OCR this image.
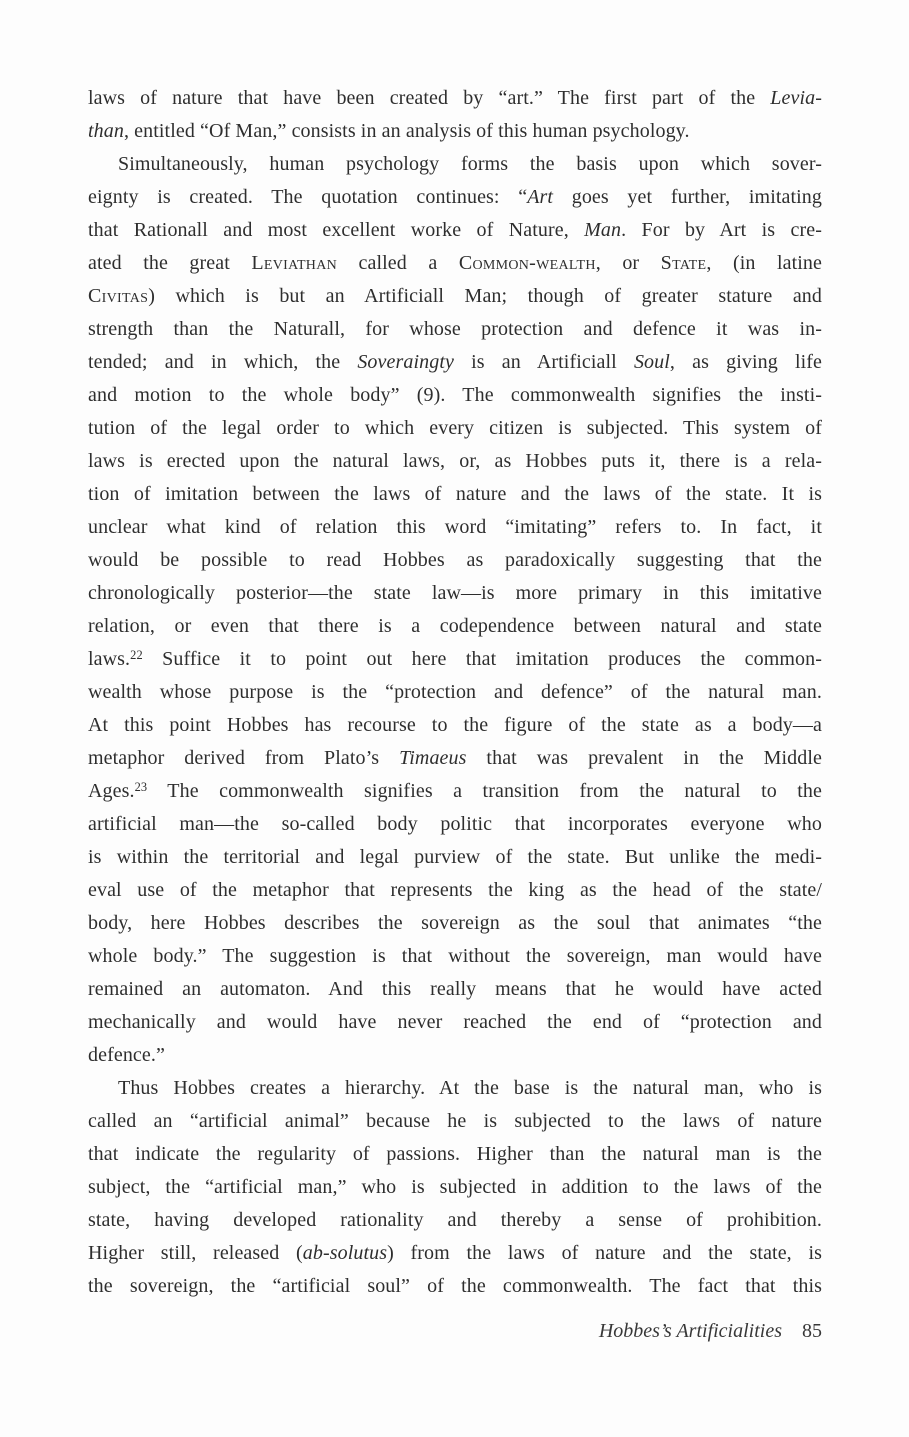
laws of nature that have been created by “art.” The first part of the Levia-
than, entitled “Of Man,” consists in an analysis of this human psychology.
Simultaneously, human psychology forms the basis upon which sover-
eignty is created. The quotation continues: “Art goes yet further, imitating
that Rationall and most excellent worke of Nature, Man. For by Art is cre-
ated the great Leviathan called a Common-wealth, or State, (in latine
Civitas) which is but an Artificiall Man; though of greater stature and
strength than the Naturall, for whose protection and defence it was in-
tended; and in which, the Soveraingty is an Artificiall Soul, as giving life
and motion to the whole body” (9). The commonwealth signifies the insti-
tution of the legal order to which every citizen is subjected. This system of
laws is erected upon the natural laws, or, as Hobbes puts it, there is a rela-
tion of imitation between the laws of nature and the laws of the state. It is
unclear what kind of relation this word “imitating” refers to. In fact, it
would be possible to read Hobbes as paradoxically suggesting that the
chronologically posterior—the state law—is more primary in this imitative
relation, or even that there is a codependence between natural and state
laws.$^{22}$ Suffice it to point out here that imitation produces the common-
wealth whose purpose is the “protection and defence” of the natural man.
At this point Hobbes has recourse to the figure of the state as a body—a
metaphor derived from Plato’s Timaeus that was prevalent in the Middle
Ages.$^{23}$ The commonwealth signifies a transition from the natural to the
artificial man—the so-called body politic that incorporates everyone who
is within the territorial and legal purview of the state. But unlike the medi-
eval use of the metaphor that represents the king as the head of the state/
body, here Hobbes describes the sovereign as the soul that animates “the
whole body.” The suggestion is that without the sovereign, man would have
remained an automaton. And this really means that he would have acted
mechanically and would have never reached the end of “protection and
defence.”
Thus Hobbes creates a hierarchy. At the base is the natural man, who is
called an “artificial animal” because he is subjected to the laws of nature
that indicate the regularity of passions. Higher than the natural man is the
subject, the “artificial man,” who is subjected in addition to the laws of the
state, having developed rationality and thereby a sense of prohibition.
Higher still, released (ab-solutus) from the laws of nature and the state, is
the sovereign, the “artificial soul” of the commonwealth. The fact that this
Hobbes’s Artificialities 85
